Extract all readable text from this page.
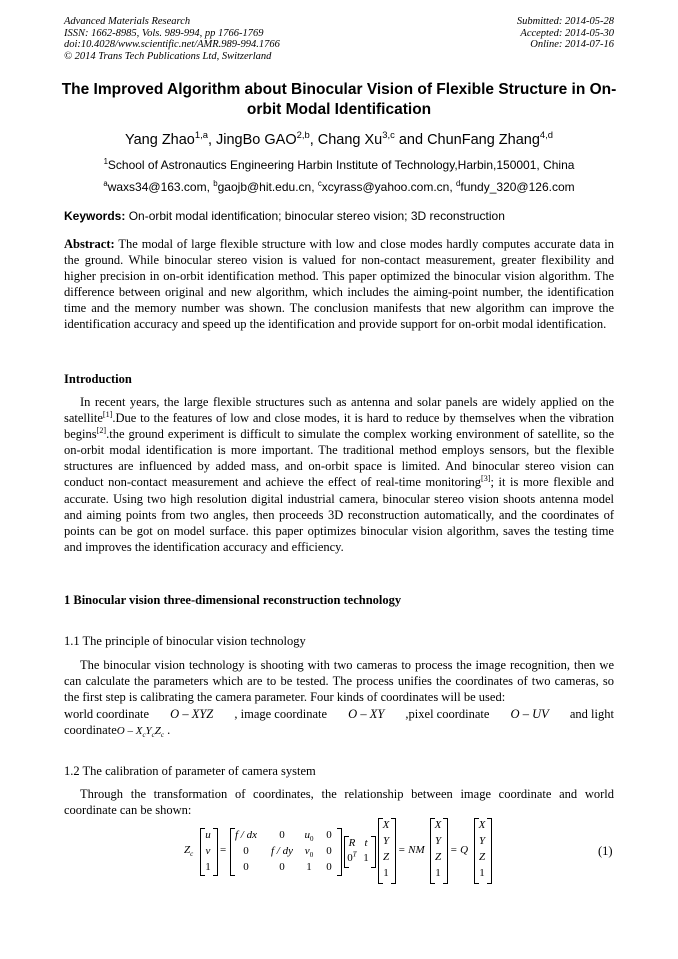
Advanced Materials Research
ISSN: 1662-8985, Vols. 989-994, pp 1766-1769
doi:10.4028/www.scientific.net/AMR.989-994.1766
© 2014 Trans Tech Publications Ltd, Switzerland
Submitted: 2014-05-28
Accepted: 2014-05-30
Online: 2014-07-16
The Improved Algorithm about Binocular Vision of Flexible Structure in On-orbit Modal Identification
Yang Zhao$^{1,a}$, JingBo GAO$^{2,b}$, Chang Xu$^{3,c}$ and ChunFang Zhang$^{4,d}$
$^1$School of Astronautics Engineering Harbin Institute of Technology,Harbin,150001, China
$^a$waxs34@163.com, $^b$gaojb@hit.edu.cn, $^c$xcyrass@yahoo.com.cn, $^d$fundy_320@126.com
Keywords: On-orbit modal identification; binocular stereo vision; 3D reconstruction
Abstract: The modal of large flexible structure with low and close modes hardly computes accurate data in the ground. While binocular stereo vision is valued for non-contact measurement, greater flexibility and higher precision in on-orbit identification method. This paper optimized the binocular vision algorithm. The difference between original and new algorithm, which includes the aiming-point number, the identification time and the memory number was shown. The conclusion manifests that new algorithm can improve the identification accuracy and speed up the identification and provide support for on-orbit modal identification.
Introduction
In recent years, the large flexible structures such as antenna and solar panels are widely applied on the satellite[1].Due to the features of low and close modes, it is hard to reduce by themselves when the vibration begins[2].the ground experiment is difficult to simulate the complex working environment of satellite, so the on-orbit modal identification is more important. The traditional method employs sensors, but the flexible structures are influenced by added mass, and on-orbit space is limited. And binocular stereo vision can conduct non-contact measurement and achieve the effect of real-time monitoring[3]; it is more flexible and accurate. Using two high resolution digital industrial camera, binocular stereo vision shoots antenna model and aiming points from two angles, then proceeds 3D reconstruction automatically, and the coordinates of points can be got on model surface. this paper optimizes binocular vision algorithm, saves the testing time and improves the identification accuracy and efficiency.
1 Binocular vision three-dimensional reconstruction technology
1.1 The principle of binocular vision technology
The binocular vision technology is shooting with two cameras to process the image recognition, then we can calculate the parameters which are to be tested. The process unifies the coordinates of two cameras, so the first step is calibrating the camera parameter. Four kinds of coordinates will be used:
world coordinate O – XYZ , image coordinate O – XY ,pixel coordinate O – UV and light
coordinateO – $X_cY_cZ_c$ .
1.2 The calibration of parameter of camera system
Through the transformation of coordinates, the relationship between image coordinate and world coordinate can be shown:
$Z_c$
u
v
1
=
f / dx	0	$u_0$	0
0	f / dy	$v_0$	0
0	0	1	0
R t
$0^T$ 1
X
Y
Z
1
= NM
X
Y
Z
1
= Q
X
Y
Z
1
(1)
